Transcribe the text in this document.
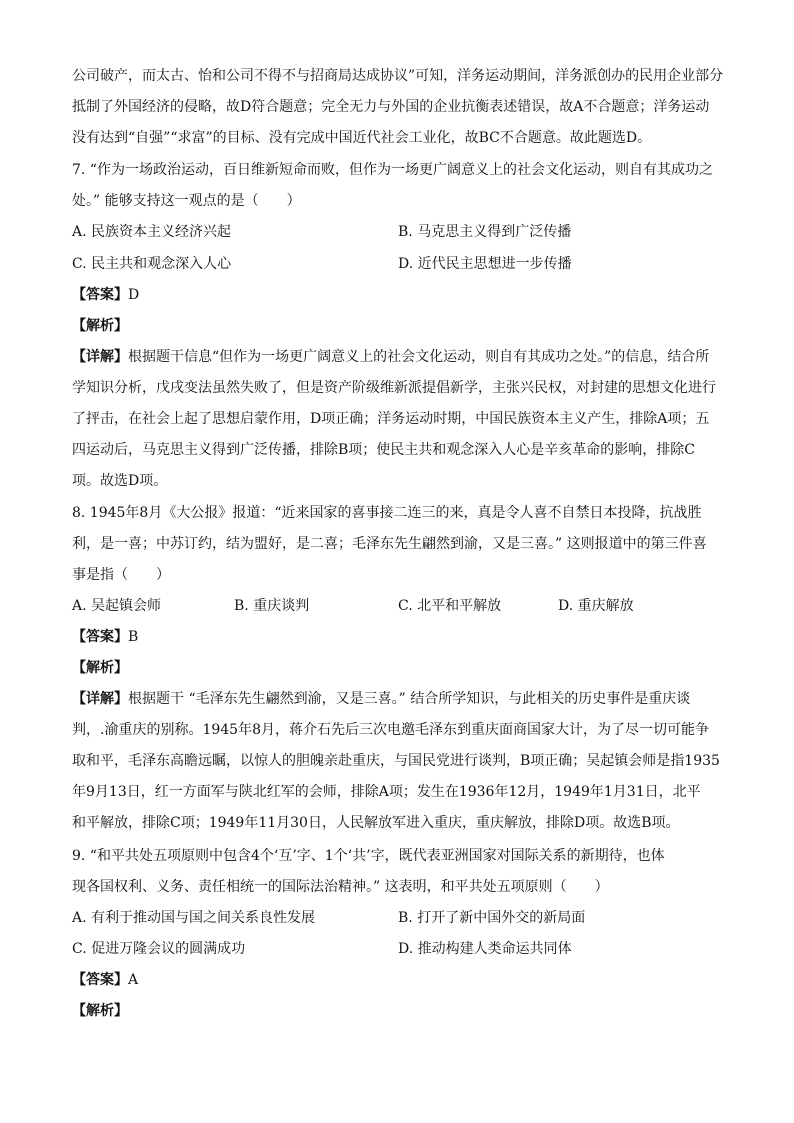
公司破产，而太古、怡和公司不得不与招商局达成协议”可知，洋务运动期间，洋务派创办的民用企业部分
抵制了外国经济的侵略，故D符合题意；完全无力与外国的企业抗衡表述错误，故A不合题意；洋务运动
没有达到“自强”“求富”的目标、没有完成中国近代社会工业化，故BC不合题意。故此题选D。
7. “作为一场政治运动，百日维新短命而败，但作为一场更广阔意义上的社会文化运动，则自有其成功之
处。” 能够支持这一观点的是（　　）
A. 民族资本主义经济兴起	B. 马克思主义得到广泛传播
C. 民主共和观念深入人心	D. 近代民主思想进一步传播
【答案】D
【解析】
【详解】根据题干信息“但作为一场更广阔意义上的社会文化运动，则自有其成功之处。”的信息，结合所
学知识分析，戊戌变法虽然失败了，但是资产阶级维新派提倡新学，主张兴民权，对封建的思想文化进行
了抨击，在社会上起了思想启蒙作用，D项正确；洋务运动时期，中国民族资本主义产生，排除A项；五
四运动后，马克思主义得到广泛传播，排除B项；使民主共和观念深入人心是辛亥革命的影响，排除C
项。故选D项。
8. 1945年8月《大公报》报道：“近来国家的喜事接二连三的来，真是令人喜不自禁日本投降，抗战胜
利，是一喜；中苏订约，结为盟好，是二喜；毛泽东先生翩然到渝，又是三喜。” 这则报道中的第三件喜
事是指（　　）
A. 吴起镇会师	B. 重庆谈判	C. 北平和平解放	D. 重庆解放
【答案】B
【解析】
【详解】根据题干 “毛泽东先生翩然到渝，又是三喜。” 结合所学知识，与此相关的历史事件是重庆谈
判，.渝重庆的别称。1945年8月，蒋介石先后三次电邀毛泽东到重庆面商国家大计，为了尽一切可能争
取和平，毛泽东高瞻远瞩，以惊人的胆魄亲赴重庆，与国民党进行谈判，B项正确；吴起镇会师是指1935
年9月13日，红一方面军与陕北红军的会师，排除A项；发生在1936年12月，1949年1月31日，北平
和平解放，排除C项；1949年11月30日，人民解放军进入重庆，重庆解放，排除D项。故选B项。
9. “和平共处五项原则中包含4个‘互’字、1个‘共’字，既代表亚洲国家对国际关系的新期待，也体
现各国权利、义务、责任相统一的国际法治精神。” 这表明，和平共处五项原则（　　）
A. 有利于推动国与国之间关系良性发展	B. 打开了新中国外交的新局面
C. 促进万隆会议的圆满成功	D. 推动构建人类命运共同体
【答案】A
【解析】
